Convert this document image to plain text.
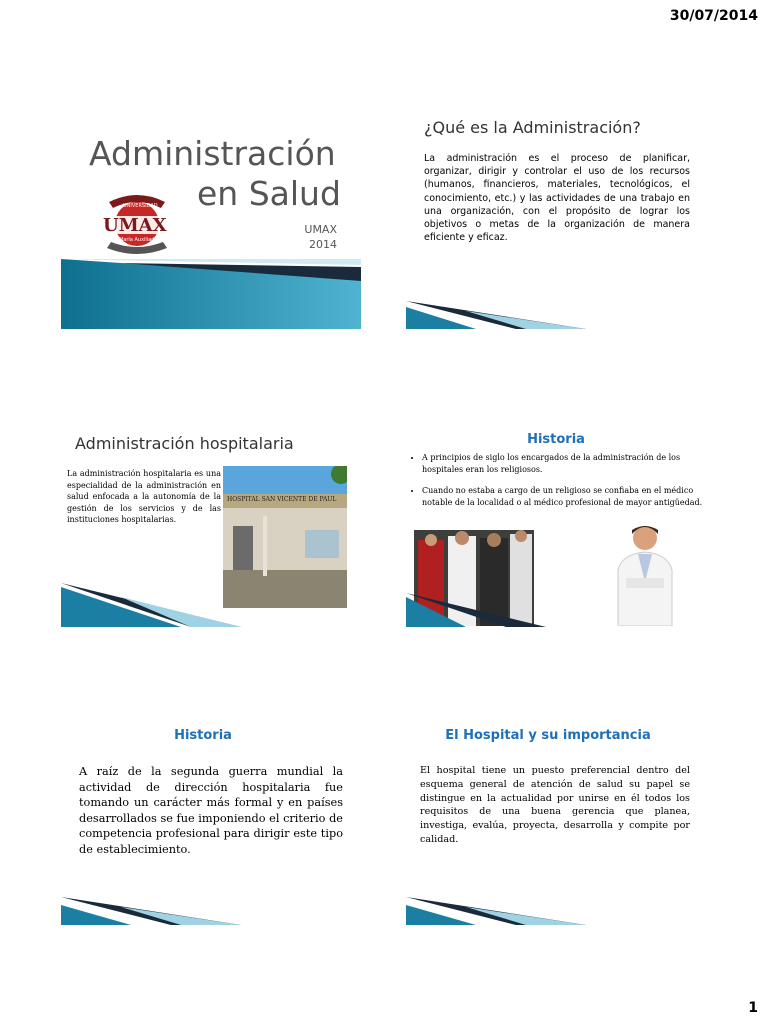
30/07/2014
Administración
en Salud
UNIVERSIDAD
UMAX
María Auxiliadora
UMAX
2014
¿Qué es la Administración?
La administración es el proceso de planificar, organizar, dirigir y controlar el uso de los recursos (humanos, financieros, materiales, tecnológicos, el conocimiento, etc.) y las actividades de una trabajo en una organización, con el propósito de lograr los objetivos o metas de la organización de manera eficiente y eficaz.
Administración hospitalaria
La administración hospitalaria es una especialidad de la administración en salud enfocada a la autonomía de la gestión de los servicios y de las instituciones hospitalarias.
HOSPITAL SAN VICENTE DE PAUL
Historia
• A principios de siglo los encargados de la administración de los hospitales eran los religiosos.
• Cuando no estaba a cargo de un religioso se confiaba en el médico notable de la localidad o al médico profesional de mayor antigüedad.
Historia
A raíz de la segunda guerra mundial la actividad de dirección hospitalaria fue tomando un carácter más formal y en países desarrollados se fue imponiendo el criterio de competencia profesional para dirigir este tipo de establecimiento.
El Hospital y su importancia
El hospital tiene un puesto preferencial dentro del esquema general de atención de salud su papel se distingue en la actualidad por unirse en él todos los requisitos de una buena gerencia que planea, investiga, evalúa, proyecta, desarrolla y compite por calidad.
1
